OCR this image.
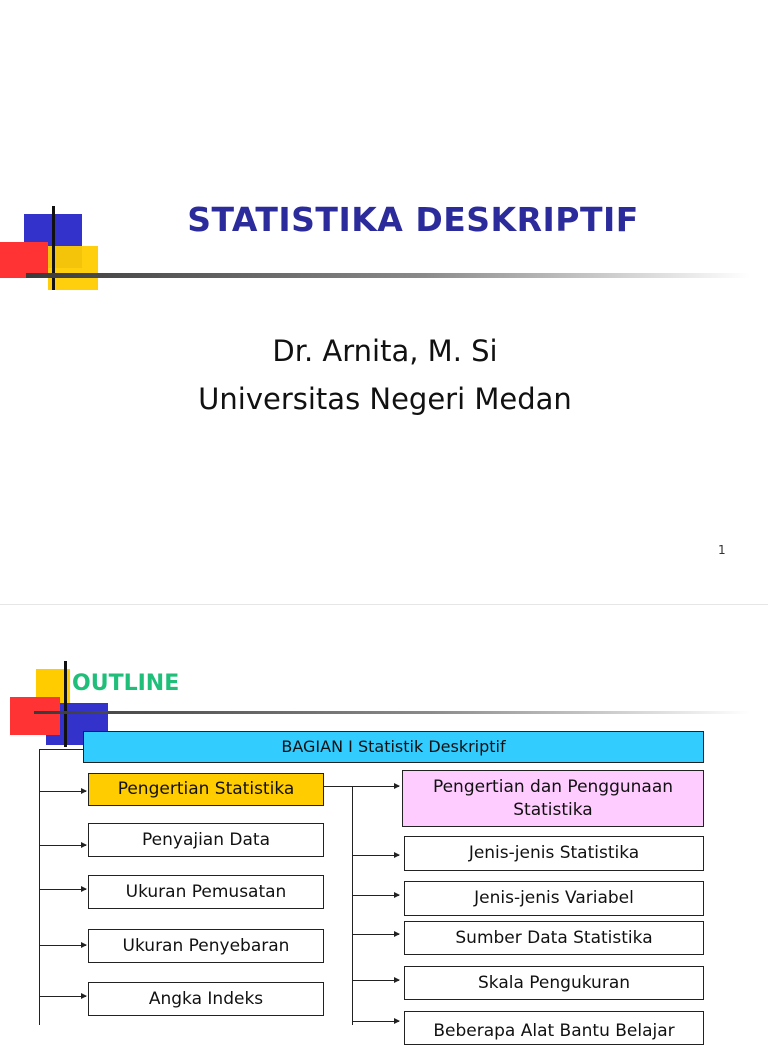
STATISTIKA DESKRIPTIF
Dr. Arnita, M. Si
Universitas Negeri Medan
1
OUTLINE
BAGIAN I Statistik Deskriptif
Pengertian Statistika
Penyajian Data
Ukuran Pemusatan
Ukuran Penyebaran
Angka Indeks
Pengertian dan Penggunaan Statistika
Jenis-jenis Statistika
Jenis-jenis Variabel
Sumber Data Statistika
Skala Pengukuran
Beberapa Alat Bantu Belajar
